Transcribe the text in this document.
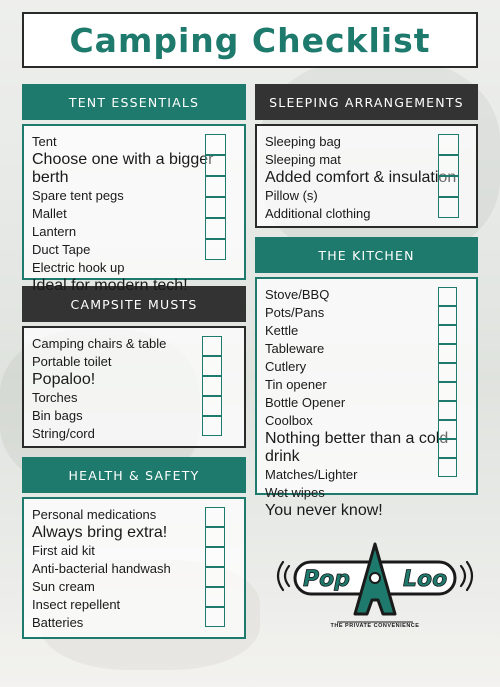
Camping Checklist
TENT ESSENTIALS	SLEEPING ARRANGEMENTS
CAMPSITE MUSTS
THE KITCHEN
HEALTH & SAFETY
Tent
Choose one with a bigger berth
Spare tent pegs
Mallet
Lantern
Duct Tape
Electric hook up
Ideal for modern tech!
Sleeping bag
Sleeping mat
Added comfort & insulation
Pillow (s)
Additional clothing
Camping chairs & table
Portable toilet
Popaloo!
Torches
Bin bags
String/cord
Stove/BBQ
Pots/Pans
Kettle
Tableware
Cutlery
Tin opener
Bottle Opener
Coolbox
Nothing better than a cold drink
Matches/Lighter
Wet wipes
You never know!
Personal medications
Always bring extra!
First aid kit
Anti-bacterial handwash
Sun cream
Insect repellent
Batteries
Pop Loo
THE PRIVATE CONVENIENCE
